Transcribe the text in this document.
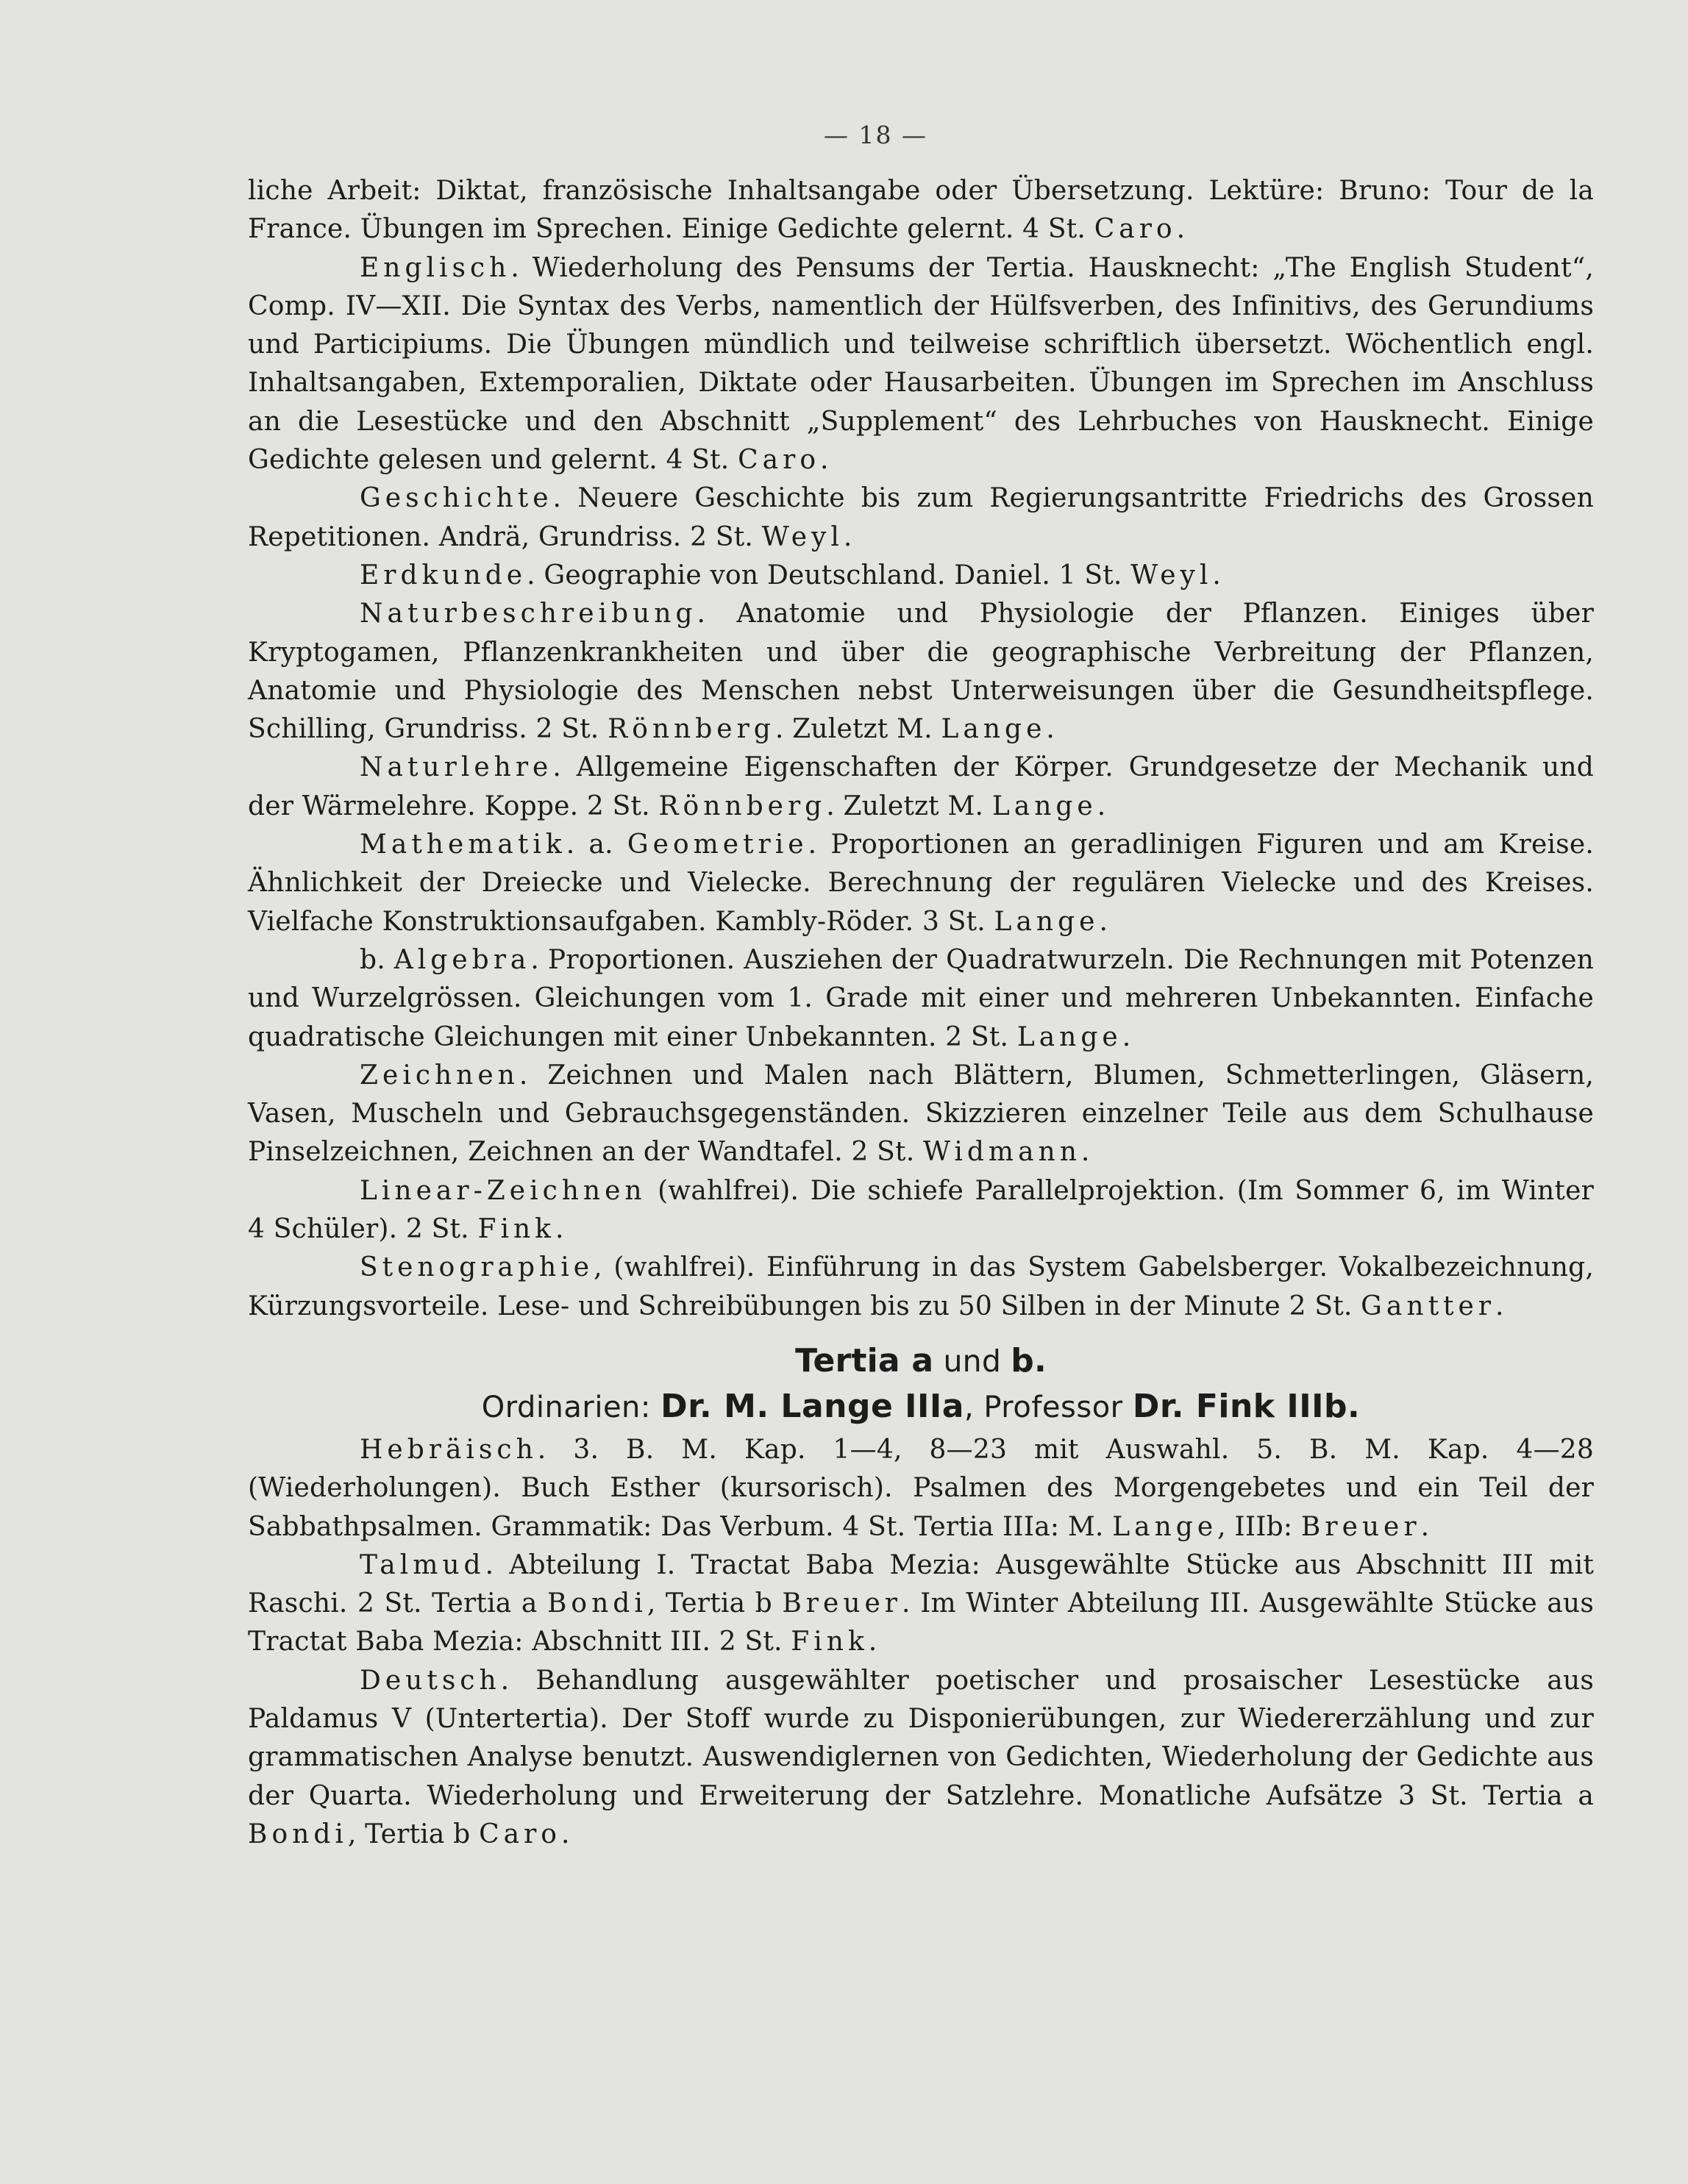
— 18 —

liche Arbeit: Diktat, französische Inhaltsangabe oder Übersetzung. Lektüre: Bruno: Tour de la France. Übungen im Sprechen. Einige Gedichte gelernt. 4 St. Caro.

Englisch. Wiederholung des Pensums der Tertia. Hausknecht: „The English Student“, Comp. IV—XII. Die Syntax des Verbs, namentlich der Hülfsverben, des Infinitivs, des Gerundiums und Participiums. Die Übungen mündlich und teilweise schriftlich übersetzt. Wöchentlich engl. Inhaltsangaben, Extemporalien, Diktate oder Hausarbeiten. Übungen im Sprechen im Anschluss an die Lesestücke und den Abschnitt „Supplement“ des Lehrbuches von Hausknecht. Einige Gedichte gelesen und gelernt. 4 St. Caro.

Geschichte. Neuere Geschichte bis zum Regierungsantritte Friedrichs des Grossen Repetitionen. Andrä, Grundriss. 2 St. Weyl.

Erdkunde. Geographie von Deutschland. Daniel. 1 St. Weyl.

Naturbeschreibung. Anatomie und Physiologie der Pflanzen. Einiges über Kryptogamen, Pflanzenkrankheiten und über die geographische Verbreitung der Pflanzen, Anatomie und Physiologie des Menschen nebst Unterweisungen über die Gesundheitspflege. Schilling, Grundriss. 2 St. Rönnberg. Zuletzt M. Lange.

Naturlehre. Allgemeine Eigenschaften der Körper. Grundgesetze der Mechanik und der Wärmelehre. Koppe. 2 St. Rönnberg. Zuletzt M. Lange.

Mathematik. a. Geometrie. Proportionen an geradlinigen Figuren und am Kreise. Ähnlichkeit der Dreiecke und Vielecke. Berechnung der regulären Vielecke und des Kreises. Vielfache Konstruktionsaufgaben. Kambly-Röder. 3 St. Lange.

b. Algebra. Proportionen. Ausziehen der Quadratwurzeln. Die Rechnungen mit Potenzen und Wurzelgrössen. Gleichungen vom 1. Grade mit einer und mehreren Unbekannten. Einfache quadratische Gleichungen mit einer Unbekannten. 2 St. Lange.

Zeichnen. Zeichnen und Malen nach Blättern, Blumen, Schmetterlingen, Gläsern, Vasen, Muscheln und Gebrauchsgegenständen. Skizzieren einzelner Teile aus dem Schulhause Pinselzeichnen, Zeichnen an der Wandtafel. 2 St. Widmann.

Linear-Zeichnen (wahlfrei). Die schiefe Parallelprojektion. (Im Sommer 6, im Winter 4 Schüler). 2 St. Fink.

Stenographie, (wahlfrei). Einführung in das System Gabelsberger. Vokalbezeichnung, Kürzungsvorteile. Lese- und Schreibübungen bis zu 50 Silben in der Minute 2 St. Gantter.

Tertia a und b.
Ordinarien: Dr. M. Lange IIIa, Professor Dr. Fink IIIb.

Hebräisch. 3. B. M. Kap. 1—4, 8—23 mit Auswahl. 5. B. M. Kap. 4—28 (Wiederholungen). Buch Esther (kursorisch). Psalmen des Morgengebetes und ein Teil der Sabbathpsalmen. Grammatik: Das Verbum. 4 St. Tertia IIIa: M. Lange, IIIb: Breuer.

Talmud. Abteilung I. Tractat Baba Mezia: Ausgewählte Stücke aus Abschnitt III mit Raschi. 2 St. Tertia a Bondi, Tertia b Breuer. Im Winter Abteilung III. Ausgewählte Stücke aus Tractat Baba Mezia: Abschnitt III. 2 St. Fink.

Deutsch. Behandlung ausgewählter poetischer und prosaischer Lesestücke aus Paldamus V (Untertertia). Der Stoff wurde zu Disponierübungen, zur Wiedererzählung und zur grammatischen Analyse benutzt. Auswendiglernen von Gedichten, Wiederholung der Gedichte aus der Quarta. Wiederholung und Erweiterung der Satzlehre. Monatliche Aufsätze 3 St. Tertia a Bondi, Tertia b Caro.
